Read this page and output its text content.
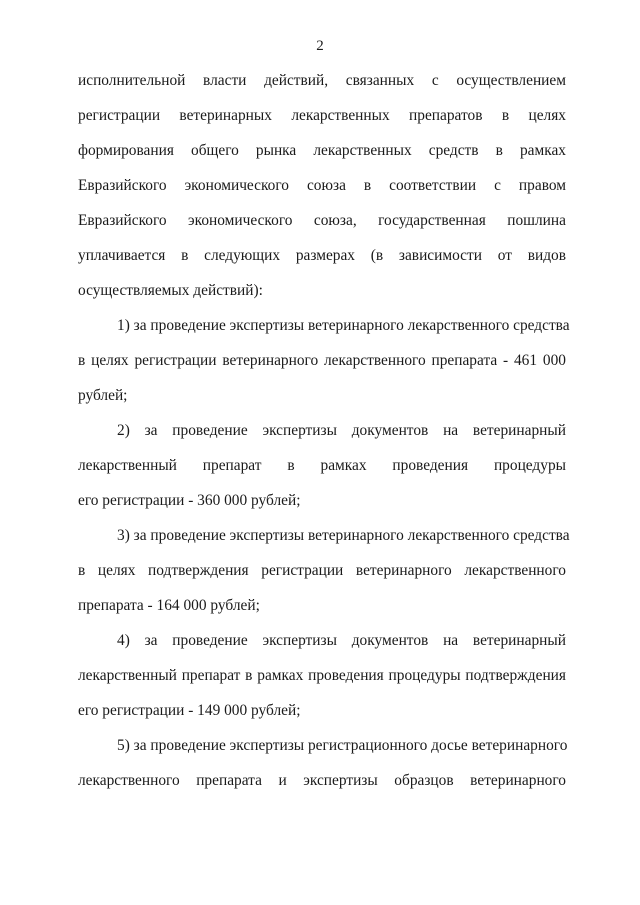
2
исполнительной власти действий, связанных с осуществлением
регистрации ветеринарных лекарственных препаратов в целях
формирования общего рынка лекарственных средств в рамках
Евразийского экономического союза в соответствии с правом
Евразийского экономического союза, государственная пошлина
уплачивается в следующих размерах (в зависимости от видов
осуществляемых действий):
1) за проведение экспертизы ветеринарного лекарственного средства
в целях регистрации ветеринарного лекарственного препарата - 461 000
рублей;
2) за проведение экспертизы документов на ветеринарный
лекарственный препарат в рамках проведения процедуры
его регистрации - 360 000 рублей;
3) за проведение экспертизы ветеринарного лекарственного средства
в целях подтверждения регистрации ветеринарного лекарственного
препарата - 164 000 рублей;
4) за проведение экспертизы документов на ветеринарный
лекарственный препарат в рамках проведения процедуры подтверждения
его регистрации - 149 000 рублей;
5) за проведение экспертизы регистрационного досье ветеринарного
лекарственного препарата и экспертизы образцов ветеринарного
